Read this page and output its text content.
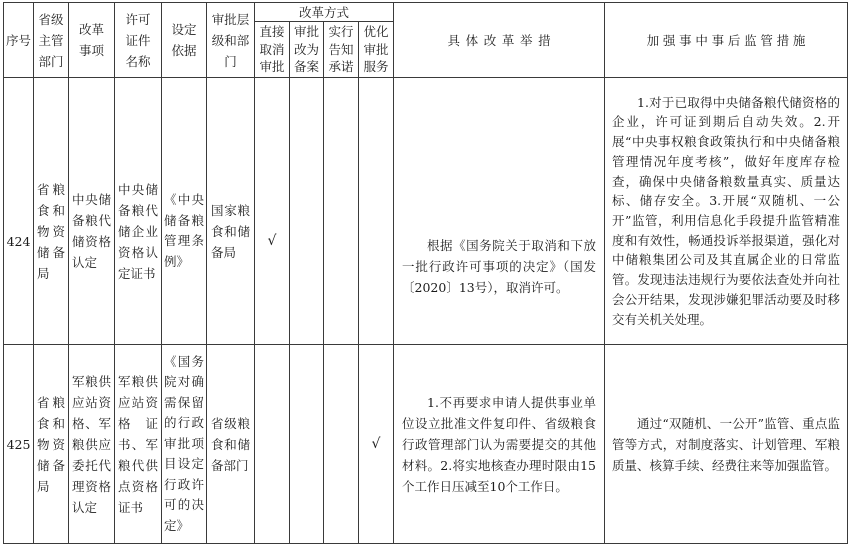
序号	省级主管部门	改革事项	许可证件名称	设定依据	审批层级和部门	改革方式				具体改革举措	加强事中事后监管措施
						直接取消审批	审批改为备案	实行告知承诺	优化审批服务		
424	省粮食和物资储备局	中央储备粮代储资格认定	中央储备粮代储企业资格认定证书	《中央储备粮管理条例》	国家粮食和储备局	√				根据《国务院关于取消和下放一批行政许可事项的决定》（国发〔2020〕13号），取消许可。	1.对于已取得中央储备粮代储资格的企业，许可证到期后自动失效。2.开展“中央事权粮食政策执行和中央储备粮管理情况年度考核”，做好年度库存检查，确保中央储备粮数量真实、质量达标、储存安全。3.开展“双随机、一公开”监管，利用信息化手段提升监管精准度和有效性，畅通投诉举报渠道，强化对中储粮集团公司及其直属企业的日常监管。发现违法违规行为要依法查处并向社会公开结果，发现涉嫌犯罪活动要及时移交有关机关处理。
425	省粮食和物资储备局	军粮供应站资格、军粮供应委托代理资格认定	军粮供应站资格证书、军粮代供点资格证书	《国务院对确需保留的行政审批项目设定行政许可的决定》	省级粮食和储备部门				√	1.不再要求申请人提供事业单位设立批准文件复印件、省级粮食行政管理部门认为需要提交的其他材料。2.将实地核查办理时限由15个工作日压减至10个工作日。	通过“双随机、一公开”监管、重点监管等方式，对制度落实、计划管理、军粮质量、核算手续、经费往来等加强监管。
